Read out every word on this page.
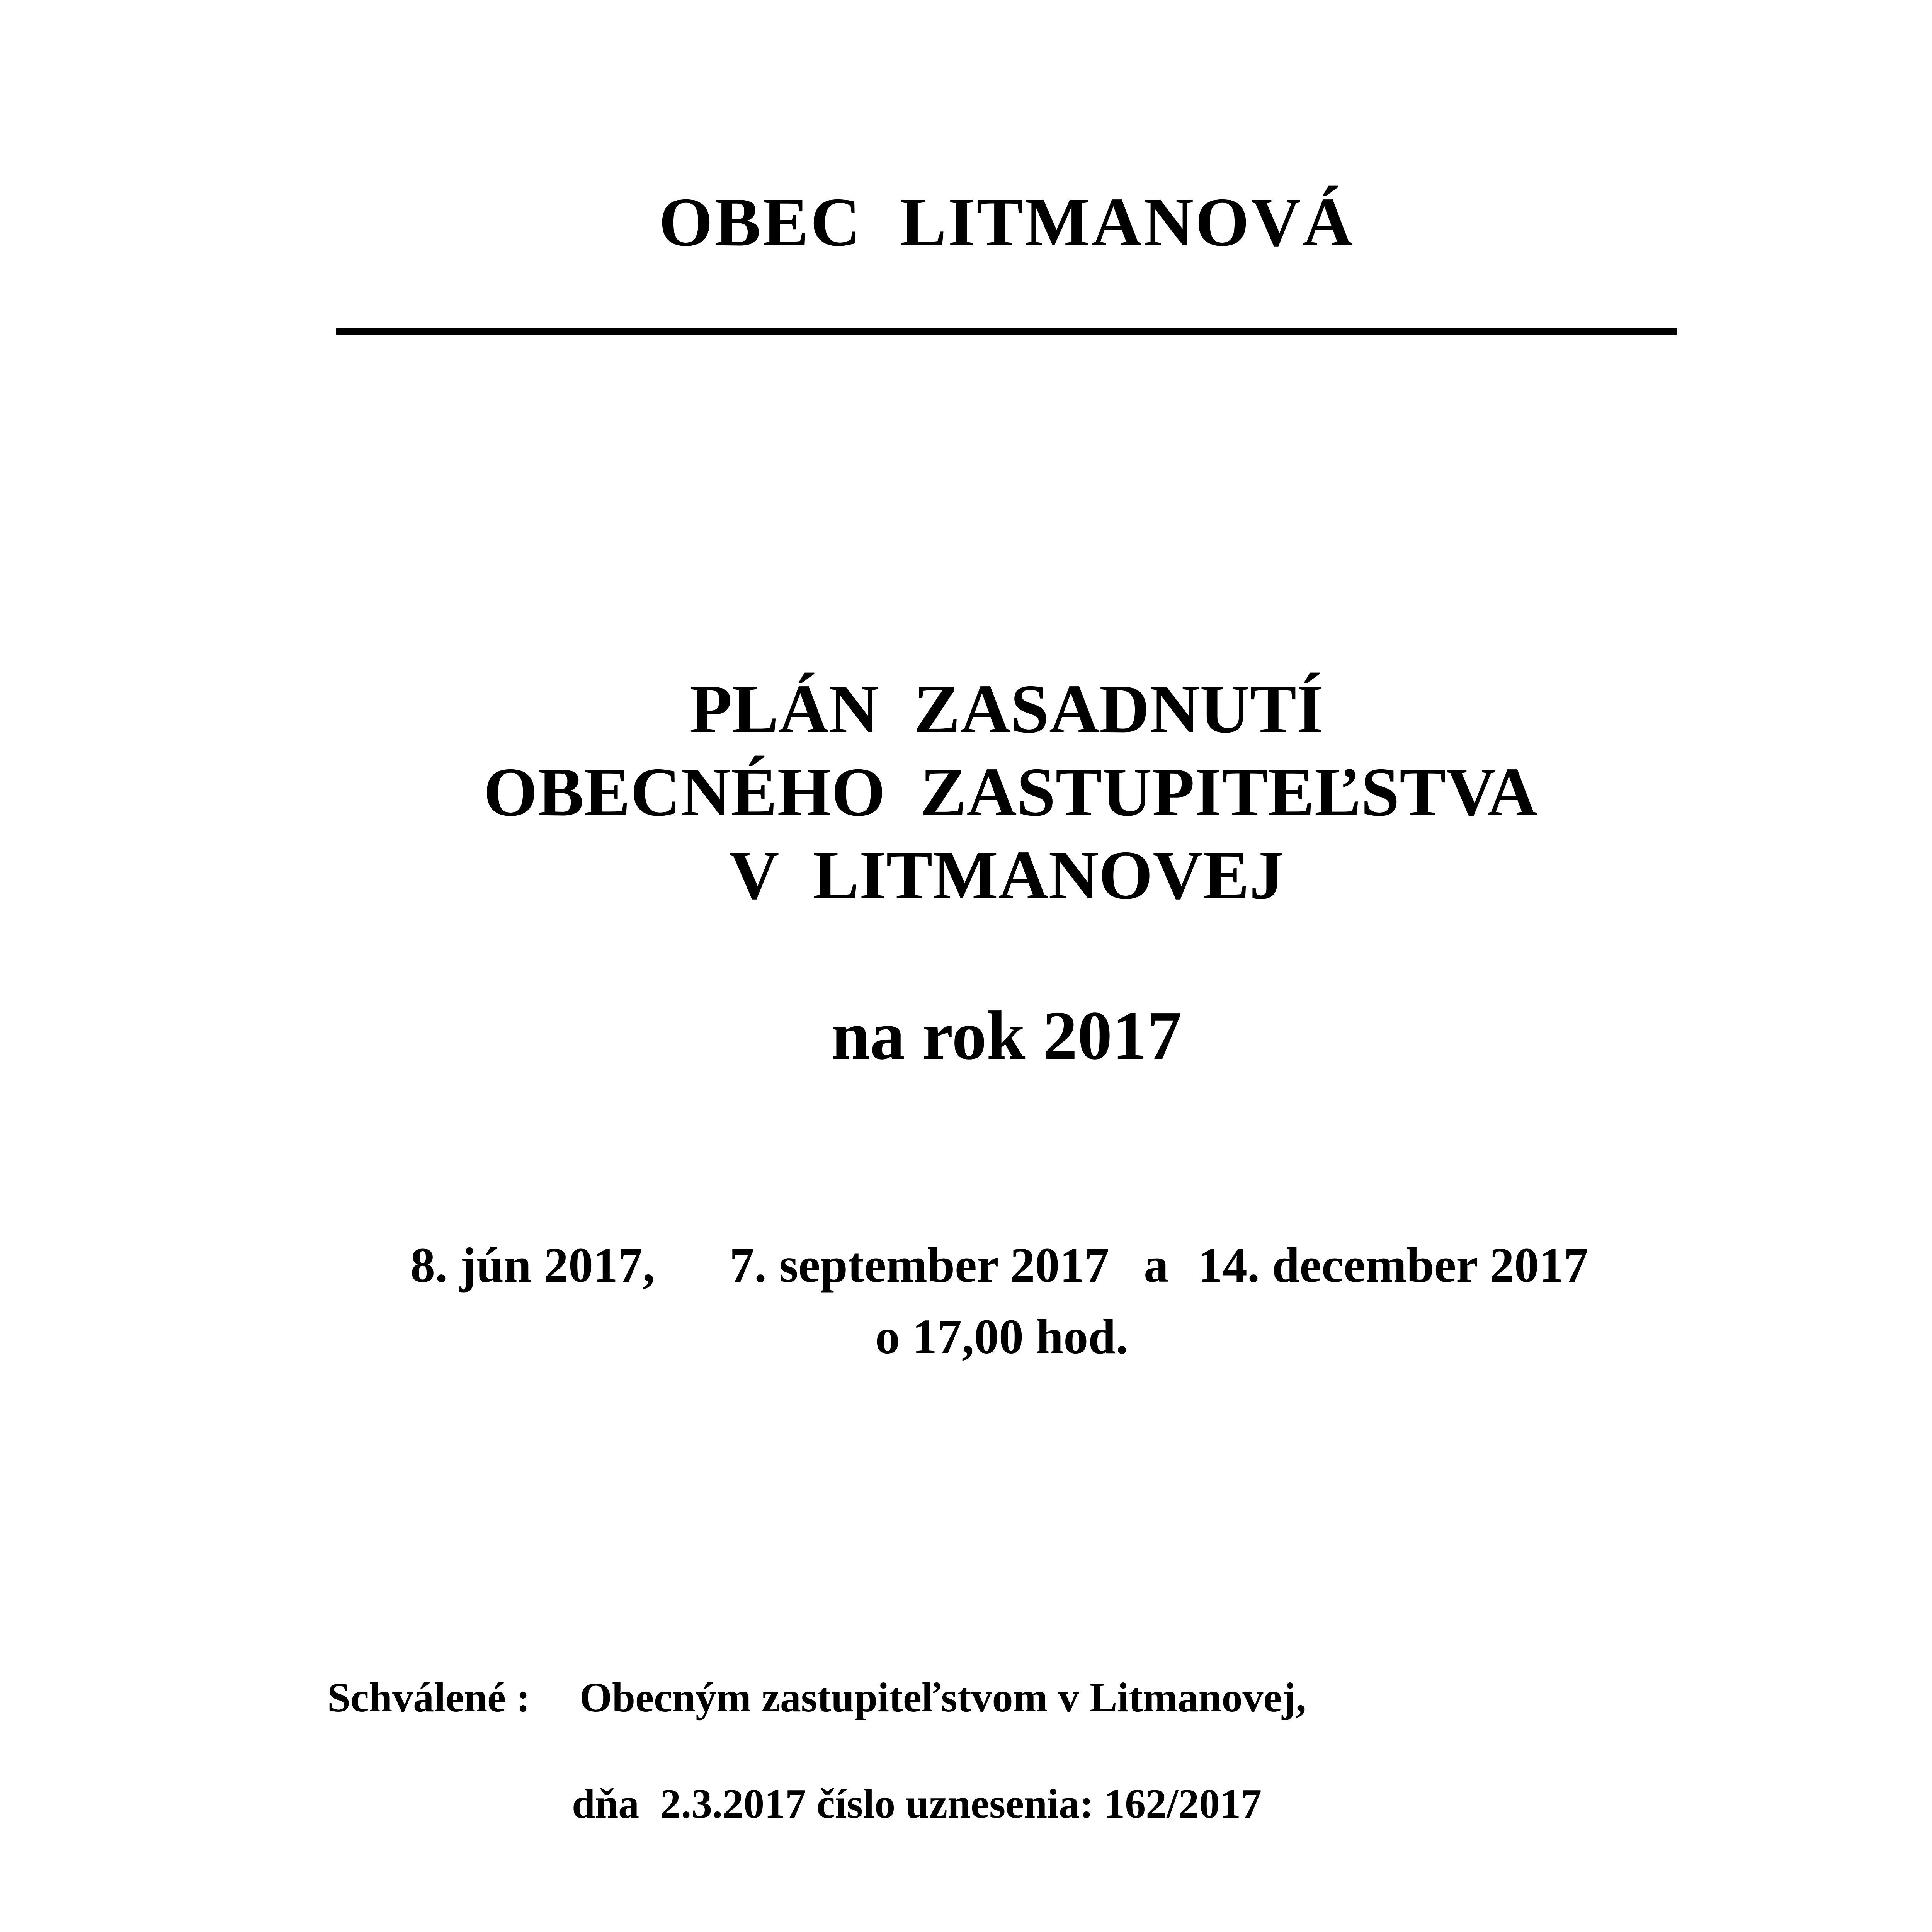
OBEC  LITMANOVÁ
PLÁN  ZASADNUTÍ
OBECNÉHO  ZASTUPITEĽSTVA
V  LITMANOVEJ
na rok 2017
8. jún 2017, 7. september 2017 a 14. december 2017
o 17,00 hod.
Schválené : Obecným zastupiteľstvom v Litmanovej,
dňa  2.3.2017 číslo uznesenia: 162/2017
